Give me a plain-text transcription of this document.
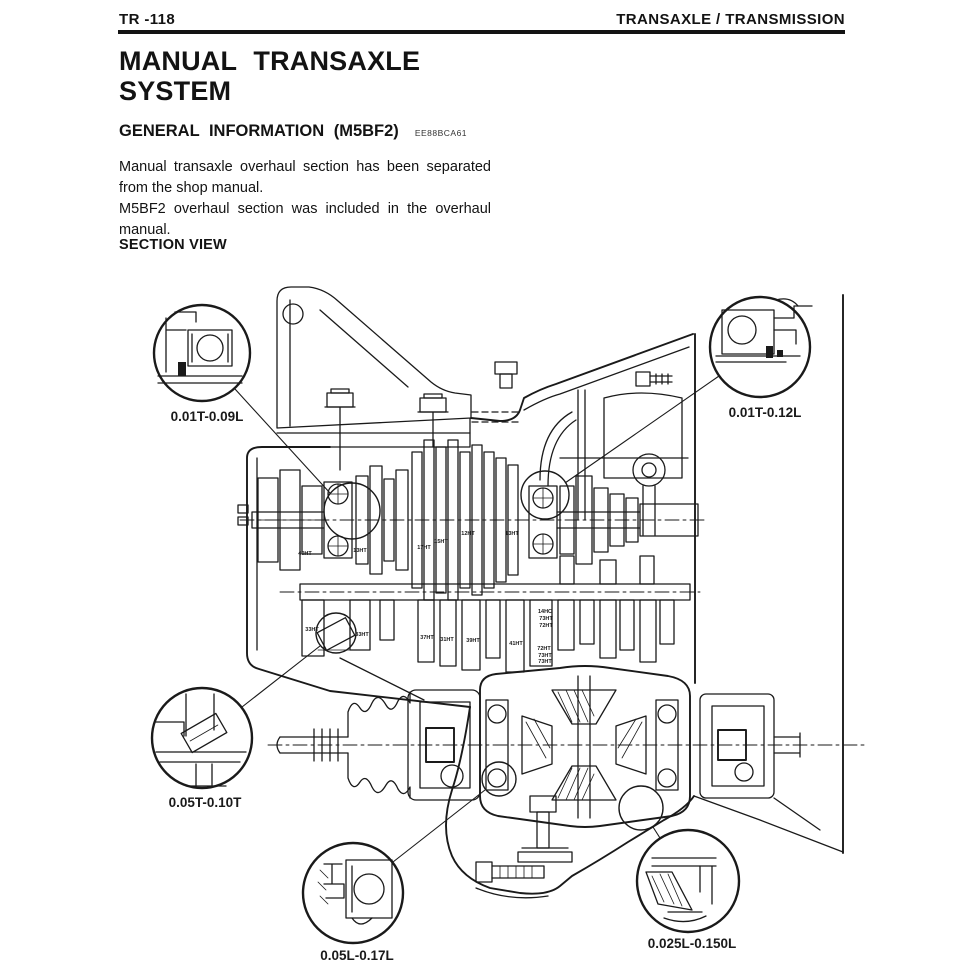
TR -118	TRANSAXLE / TRANSMISSION
MANUAL TRANSAXLE
SYSTEM
GENERAL INFORMATION (M5BF2) EE88BCA61

Manual transaxle overhaul section has been separated from the shop manual.

M5BF2 overhaul section was included in the overhaul manual.

SECTION VIEW
40HT	13HT	17HT
15HT
12HT	13HT
33HT
33HT	37HT 31HT 39HT	41HT
14HC
73HT
72HT
72HT
73HT
73HT
0.01T-0.09L	0.01T-0.12L
0.05T-0.10T
0.05L-0.17L
0.025L-0.150L
